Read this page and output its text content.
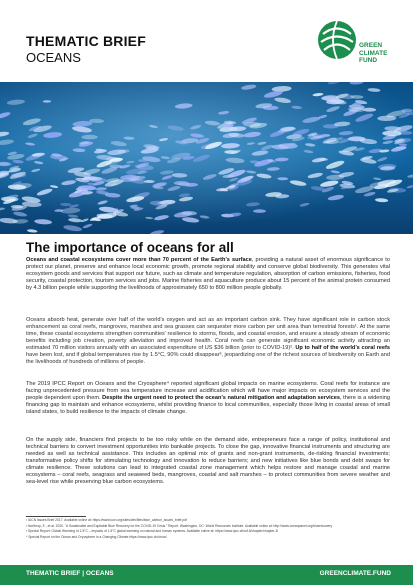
THEMATIC BRIEF
OCEANS
GREEN
CLIMATE
FUND
The importance of oceans for all

Oceans and coastal ecosystems cover more than 70 percent of the Earth’s surface, providing a natural asset of enormous significance to protect our planet, preserve and enhance local economic growth, promote regional stability and conserve global biodiversity. This generates vital ecosystem goods and services that support our future, such as climate and temperature regulation, absorption of carbon emissions, fisheries, food security, coastal protection, tourism services and jobs. Marine fisheries and aquaculture produce about 15 percent of the animal protein consumed by 4.3 billion people while supporting the livelihoods of approximately 650 to 800 million people globally.

Oceans absorb heat, generate over half of the world’s oxygen and act as an important carbon sink. They have significant role in carbon stock enhancement as coral reefs, mangroves, marshes and sea grasses can sequester more carbon per unit area than terrestrial forests¹. At the same time, these coastal ecosystems strengthen communities’ resilience to storms, floods, and coastal erosion, and ensure a steady stream of economic benefits including job creation, poverty alleviation and improved health. Coral reefs can generate significant economic activity attracting an estimated 70 million visitors annually with an associated expenditure of US $36 billion (prior to COVID-19)². Up to half of the world’s coral reefs have been lost, and if global temperatures rise by 1.5°C, 90% could disappear³, jeopardizing one of the richest sources of biodiversity on Earth and the livelihoods of hundreds of millions of people.

The 2019 IPCC Report on Oceans and the Cryosphere⁴ reported significant global impacts on marine ecosystems. Coral reefs for instance are facing unprecedented pressure from sea temperature increase and acidification which will have major impacts on ecosystem services and the people dependent upon them. Despite the urgent need to protect the ocean’s natural mitigation and adaptation services, there is a widening financing gap to maintain and enhance ecosystems, whilst providing finance to local communities, especially those living in coastal areas of small island states, to build resilience to the impacts of climate change.

On the supply side, financiers find projects to be too risky while on the demand side, entrepreneurs face a range of policy, institutional and technical barriers to convert investment opportunities into bankable projects. To close the gap, innovative financial instruments and structuring are needed as well as technical assistance. This includes an optimal mix of grants and non-grant instruments, de-risking financial investments; transformative policy shifts for stimulating technology and innovation to reduce barriers; and new initiatives like blue bonds and debt swaps for climate resilience. These solutions can lead to integrated coastal zone management which helps restore and manage coastal and marine ecosystems – coral reefs, seagrass and seaweed beds, mangroves, coastal and salt marshes – to protect communities from severe weather and sea-level rise while preserving blue carbon ecosystems.

¹ IUCN Issues Brief 2017. Available online at: https://www.iucn.org/sites/dev/files/blue_carbon_issues_brief.pdf
² Northrop, E., et al. 2020. "A Sustainable and Equitable Blue Recovery for the COVID-19 Crisis." Report. Washington, DC: World Resources Institute. Available online at: http://www.oceanpanel.org/bluerecovery
³ Special Report: Global Warming of 1.5°C – Impacts of 1.5°C global warming on natural and human systems. Available online at: https://www.ipcc.ch/sr15/chapter/chapter-3/
⁴ Special Report on the Ocean and Cryosphere in a Changing Climate https://www.ipcc.ch/srocc/
THEMATIC BRIEF | OCEANS	GREENCLIMATE.FUND
